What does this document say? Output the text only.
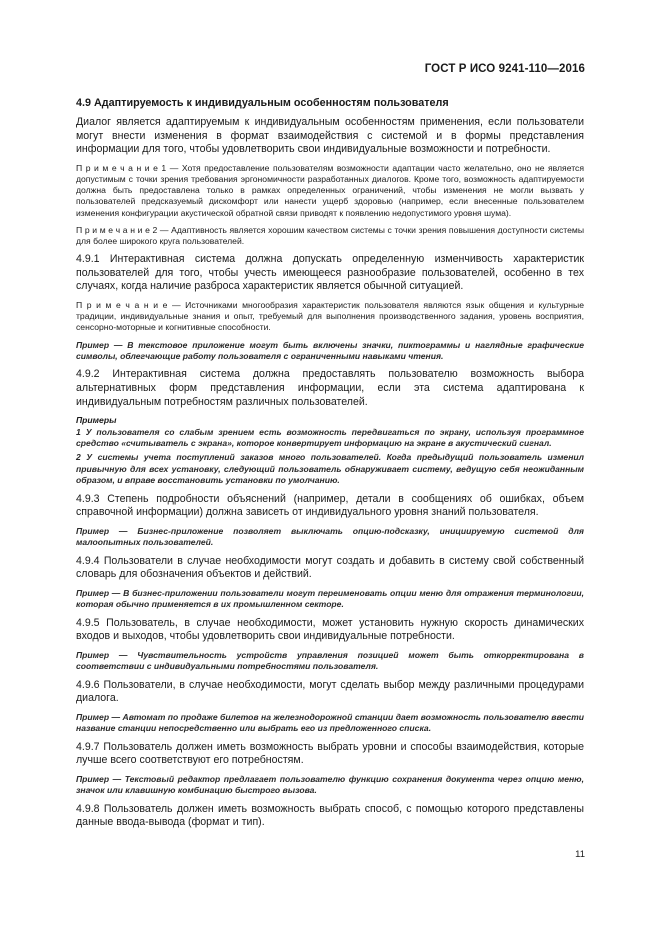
ГОСТ Р ИСО 9241-110—2016
4.9 Адаптируемость к индивидуальным особенностям пользователя

Диалог является адаптируемым к индивидуальным особенностям применения, если пользователи могут внести изменения в формат взаимодействия с системой и в формы представления информации для того, чтобы удовлетворить свои индивидуальные возможности и потребности.

П р и м е ч а н и е 1 — Хотя предоставление пользователям возможности адаптации часто желательно, оно не является допустимым с точки зрения требования эргономичности разработанных диалогов. Кроме того, возможность адаптируемости должна быть предоставлена только в рамках определенных ограничений, чтобы изменения не могли вызвать у пользователей предсказуемый дискомфорт или нанести ущерб здоровью (например, если внесенные пользователем изменения конфигурации акустической обратной связи приводят к появлению недопустимого уровня шума).

П р и м е ч а н и е 2 — Адаптивность является хорошим качеством системы с точки зрения повышения доступности системы для более широкого круга пользователей.

4.9.1 Интерактивная система должна допускать определенную изменчивость характеристик пользователей для того, чтобы учесть имеющееся разнообразие пользователей, особенно в тех случаях, когда наличие разброса характеристик является обычной ситуацией.

П р и м е ч а н и е — Источниками многообразия характеристик пользователя являются язык общения и культурные традиции, индивидуальные знания и опыт, требуемый для выполнения производственного задания, уровень восприятия, сенсорно-моторные и когнитивные способности.

Пример — В текстовое приложение могут быть включены значки, пиктограммы и наглядные графические символы, облегчающие работу пользователя с ограниченными навыками чтения.

4.9.2 Интерактивная система должна предоставлять пользователю возможность выбора альтернативных форм представления информации, если эта система адаптирована к индивидуальным потребностям различных пользователей.

Примеры

1 У пользователя со слабым зрением есть возможность передвигаться по экрану, используя программное средство «считыватель с экрана», которое конвертирует информацию на экране в акустический сигнал.

2 У системы учета поступлений заказов много пользователей. Когда предыдущий пользователь изменил привычную для всех установку, следующий пользователь обнаруживает систему, ведущую себя неожиданным образом, и вправе восстановить установки по умолчанию.

4.9.3 Степень подробности объяснений (например, детали в сообщениях об ошибках, объем справочной информации) должна зависеть от индивидуального уровня знаний пользователя.

Пример — Бизнес-приложение позволяет выключать опцию-подсказку, инициируемую системой для малоопытных пользователей.

4.9.4 Пользователи в случае необходимости могут создать и добавить в систему свой собственный словарь для обозначения объектов и действий.

Пример — В бизнес-приложении пользователи могут переименовать опции меню для отражения терминологии, которая обычно применяется в их промышленном секторе.

4.9.5 Пользователь, в случае необходимости, может установить нужную скорость динамических входов и выходов, чтобы удовлетворить свои индивидуальные потребности.

Пример — Чувствительность устройств управления позицией может быть откорректирована в соответствии с индивидуальными потребностями пользователя.

4.9.6 Пользователи, в случае необходимости, могут сделать выбор между различными процедурами диалога.

Пример — Автомат по продаже билетов на железнодорожной станции дает возможность пользователю ввести название станции непосредственно или выбрать его из предложенного списка.

4.9.7 Пользователь должен иметь возможность выбрать уровни и способы взаимодействия, которые лучше всего соответствуют его потребностям.

Пример — Текстовый редактор предлагает пользователю функцию сохранения документа через опцию меню, значок или клавишную комбинацию быстрого вызова.

4.9.8 Пользователь должен иметь возможность выбрать способ, с помощью которого представлены данные ввода-вывода (формат и тип).

11
